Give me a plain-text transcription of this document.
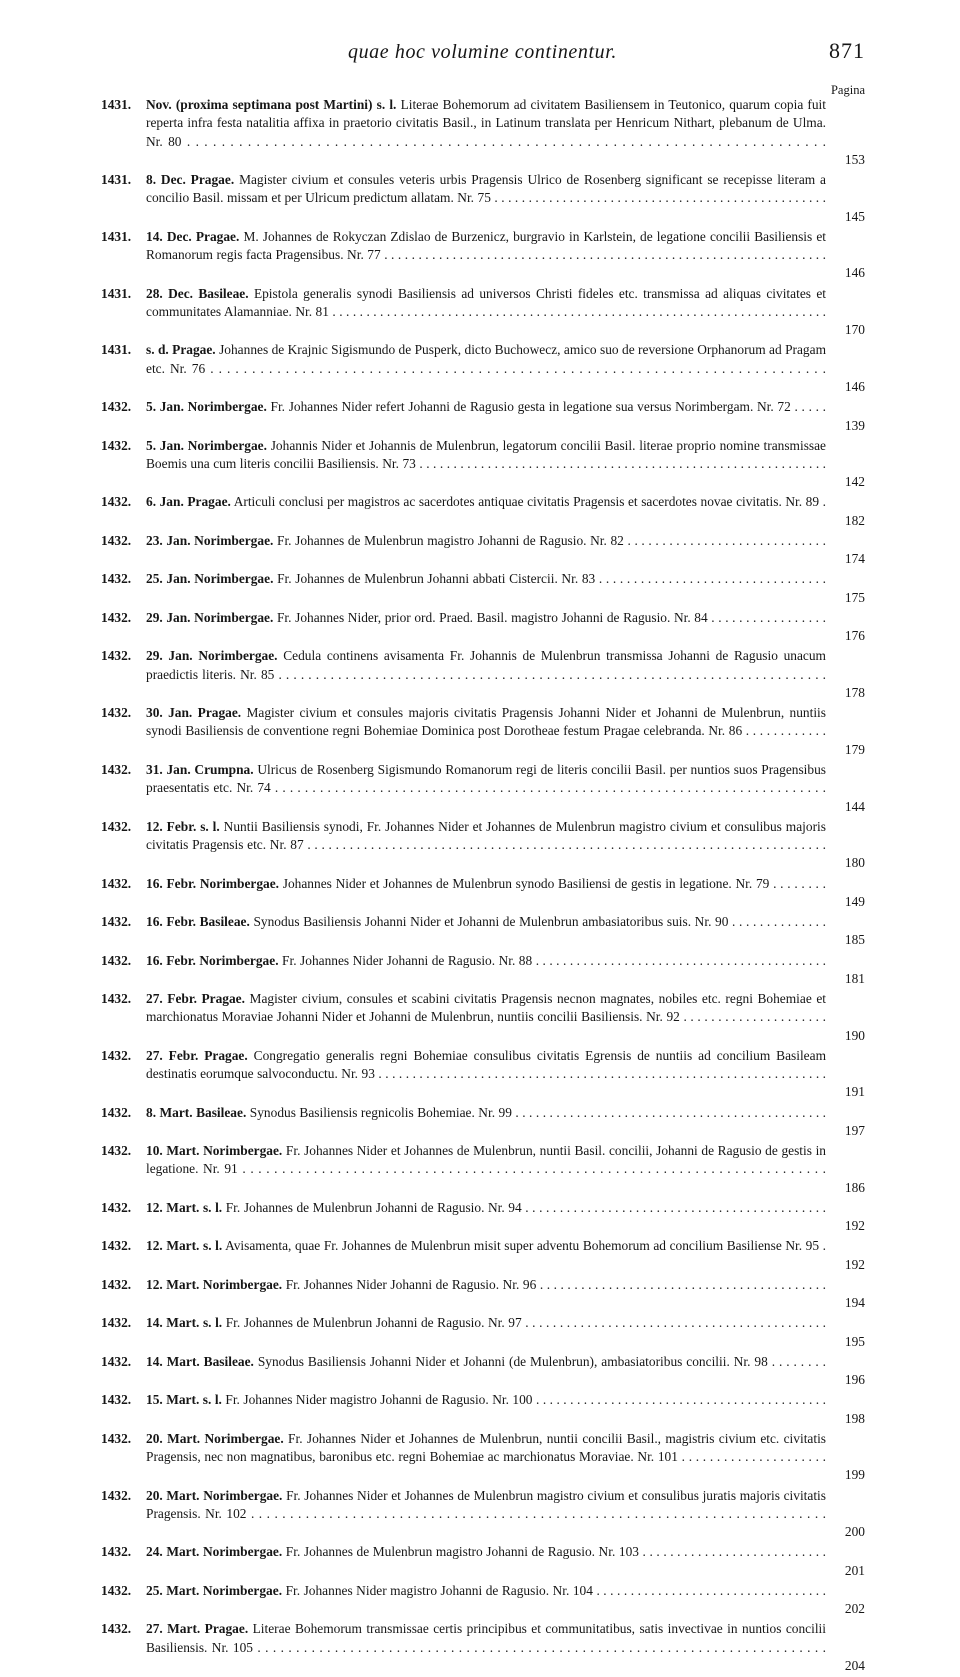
quae hoc volumine continentur.	871
Pagina
1431.	Nov. (proxima septimana post Martini) s. l. Literae Bohemorum ad civitatem Basiliensem in Teutonico, quarum copia fuit reperta infra festa natalitia affixa in praetorio civitatis Basil., in Latinum translata per Henricum Nithart, plebanum de Ulma. Nr. 80 . . . . . . . . . . . . . . . . . . . . . . . . . . . . . . . . . . . . . . . . . . . . . . . . . . . . . . . . . . . . . . . . . . . . . . . . . .
153
1431.	8. Dec. Pragae. Magister civium et consules veteris urbis Pragensis Ulrico de Rosenberg significant se recepisse literam a concilio Basil. missam et per Ulricum predictum allatam. Nr. 75 . . . . . . . . . . . . . . . . . . . . . . . . . . . . . . . . . . . . . . . . . . . . . . . . .
145
1431.	14. Dec. Pragae. M. Johannes de Rokyczan Zdislao de Burzenicz, burgravio in Karlstein, de legatione concilii Basiliensis et Romanorum regis facta Pragensibus. Nr. 77 . . . . . . . . . . . . . . . . . . . . . . . . . . . . . . . . . . . . . . . . . . . . . . . . . . . . . . . . . . . . . . . . .
146
1431.	28. Dec. Basileae. Epistola generalis synodi Basiliensis ad universos Christi fideles etc. transmissa ad aliquas civitates et communitates Alamanniae. Nr. 81 . . . . . . . . . . . . . . . . . . . . . . . . . . . . . . . . . . . . . . . . . . . . . . . . . . . . . . . . . . . . . . . . . . . . . . . . .
170
1431.	s. d. Pragae. Johannes de Krajnic Sigismundo de Pusperk, dicto Buchowecz, amico suo de reversione Orphanorum ad Pragam etc. Nr. 76 . . . . . . . . . . . . . . . . . . . . . . . . . . . . . . . . . . . . . . . . . . . . . . . . . . . . . . . . . . . . . . . . . . . . . . . . . .
146
1432.	5. Jan. Norimbergae. Fr. Johannes Nider refert Johanni de Ragusio gesta in legatione sua versus Norimbergam. Nr. 72 . . . . .
139
1432.	5. Jan. Norimbergae. Johannis Nider et Johannis de Mulenbrun, legatorum concilii Basil. literae proprio nomine transmissae Boemis una cum literis concilii Basiliensis. Nr. 73 . . . . . . . . . . . . . . . . . . . . . . . . . . . . . . . . . . . . . . . . . . . . . . . . . . . . . . . . . . . .
142
1432.	6. Jan. Pragae. Articuli conclusi per magistros ac sacerdotes antiquae civitatis Pragensis et sacerdotes novae civitatis. Nr. 89 .
182
1432.	23. Jan. Norimbergae. Fr. Johannes de Mulenbrun magistro Johanni de Ragusio. Nr. 82 . . . . . . . . . . . . . . . . . . . . . . . . . . . . .
174
1432.	25. Jan. Norimbergae. Fr. Johannes de Mulenbrun Johanni abbati Cistercii. Nr. 83 . . . . . . . . . . . . . . . . . . . . . . . . . . . . . . . . .
175
1432.	29. Jan. Norimbergae. Fr. Johannes Nider, prior ord. Praed. Basil. magistro Johanni de Ragusio. Nr. 84 . . . . . . . . . . . . . . . . .
176
1432.	29. Jan. Norimbergae. Cedula continens avisamenta Fr. Johannis de Mulenbrun transmissa Johanni de Ragusio unacum praedictis literis. Nr. 85 . . . . . . . . . . . . . . . . . . . . . . . . . . . . . . . . . . . . . . . . . . . . . . . . . . . . . . . . . . . . . . . . . . . . . . . . . .
178
1432.	30. Jan. Pragae. Magister civium et consules majoris civitatis Pragensis Johanni Nider et Johanni de Mulenbrun, nuntiis synodi Basiliensis de conventione regni Bohemiae Dominica post Dorotheae festum Pragae celebranda. Nr. 86 . . . . . . . . . . . .
179
1432.	31. Jan. Crumpna. Ulricus de Rosenberg Sigismundo Romanorum regi de literis concilii Basil. per nuntios suos Pragensibus praesentatis etc. Nr. 74 . . . . . . . . . . . . . . . . . . . . . . . . . . . . . . . . . . . . . . . . . . . . . . . . . . . . . . . . . . . . . . . . . . . . . . . . . .
144
1432.	12. Febr. s. l. Nuntii Basiliensis synodi, Fr. Johannes Nider et Johannes de Mulenbrun magistro civium et consulibus majoris civitatis Pragensis etc. Nr. 87 . . . . . . . . . . . . . . . . . . . . . . . . . . . . . . . . . . . . . . . . . . . . . . . . . . . . . . . . . . . . . . . . . . . . . . . . . .
180
1432.	16. Febr. Norimbergae. Johannes Nider et Johannes de Mulenbrun synodo Basiliensi de gestis in legatione. Nr. 79 . . . . . . . .
149
1432.	16. Febr. Basileae. Synodus Basiliensis Johanni Nider et Johanni de Mulenbrun ambasiatoribus suis. Nr. 90 . . . . . . . . . . . . . .
185
1432.	16. Febr. Norimbergae. Fr. Johannes Nider Johanni de Ragusio. Nr. 88 . . . . . . . . . . . . . . . . . . . . . . . . . . . . . . . . . . . . . . . . . . .
181
1432.	27. Febr. Pragae. Magister civium, consules et scabini civitatis Pragensis necnon magnates, nobiles etc. regni Bohemiae et marchionatus Moraviae Johanni Nider et Johanni de Mulenbrun, nuntiis concilii Basiliensis. Nr. 92 . . . . . . . . . . . . . . . . . . . . .
190
1432.	27. Febr. Pragae. Congregatio generalis regni Bohemiae consulibus civitatis Egrensis de nuntiis ad concilium Basileam destinatis eorumque salvoconductu. Nr. 93 . . . . . . . . . . . . . . . . . . . . . . . . . . . . . . . . . . . . . . . . . . . . . . . . . . . . . . . . . . . . . . . . . .
191
1432.	8. Mart. Basileae. Synodus Basiliensis regnicolis Bohemiae. Nr. 99 . . . . . . . . . . . . . . . . . . . . . . . . . . . . . . . . . . . . . . . . . . . . . .
197
1432.	10. Mart. Norimbergae. Fr. Johannes Nider et Johannes de Mulenbrun, nuntii Basil. concilii, Johanni de Ragusio de gestis in legatione. Nr. 91 . . . . . . . . . . . . . . . . . . . . . . . . . . . . . . . . . . . . . . . . . . . . . . . . . . . . . . . . . . . . . . . . . . . . . . . . . .
186
1432.	12. Mart. s. l. Fr. Johannes de Mulenbrun Johanni de Ragusio. Nr. 94 . . . . . . . . . . . . . . . . . . . . . . . . . . . . . . . . . . . . . . . . . . . .
192
1432.	12. Mart. s. l. Avisamenta, quae Fr. Johannes de Mulenbrun misit super adventu Bohemorum ad concilium Basiliense Nr. 95 .
192
1432.	12. Mart. Norimbergae. Fr. Johannes Nider Johanni de Ragusio. Nr. 96 . . . . . . . . . . . . . . . . . . . . . . . . . . . . . . . . . . . . . . . . . .
194
1432.	14. Mart. s. l. Fr. Johannes de Mulenbrun Johanni de Ragusio. Nr. 97 . . . . . . . . . . . . . . . . . . . . . . . . . . . . . . . . . . . . . . . . . . . .
195
1432.	14. Mart. Basileae. Synodus Basiliensis Johanni Nider et Johanni (de Mulenbrun), ambasiatoribus concilii. Nr. 98 . . . . . . . .
196
1432.	15. Mart. s. l. Fr. Johannes Nider magistro Johanni de Ragusio. Nr. 100 . . . . . . . . . . . . . . . . . . . . . . . . . . . . . . . . . . . . . . . . . . .
198
1432.	20. Mart. Norimbergae. Fr. Johannes Nider et Johannes de Mulenbrun, nuntii concilii Basil., magistris civium etc. civitatis Pragensis, nec non magnatibus, baronibus etc. regni Bohemiae ac marchionatus Moraviae. Nr. 101 . . . . . . . . . . . . . . . . . . . . .
199
1432.	20. Mart. Norimbergae. Fr. Johannes Nider et Johannes de Mulenbrun magistro civium et consulibus juratis majoris civitatis Pragensis. Nr. 102 . . . . . . . . . . . . . . . . . . . . . . . . . . . . . . . . . . . . . . . . . . . . . . . . . . . . . . . . . . . . . . . . . . . . . . . . . .
200
1432.	24. Mart. Norimbergae. Fr. Johannes de Mulenbrun magistro Johanni de Ragusio. Nr. 103 . . . . . . . . . . . . . . . . . . . . . . . . . . .
201
1432.	25. Mart. Norimbergae. Fr. Johannes Nider magistro Johanni de Ragusio. Nr. 104 . . . . . . . . . . . . . . . . . . . . . . . . . . . . . . . . . .
202
1432.	27. Mart. Pragae. Literae Bohemorum transmissae certis principibus et communitatibus, satis invectivae in nuntios concilii Basiliensis. Nr. 105 . . . . . . . . . . . . . . . . . . . . . . . . . . . . . . . . . . . . . . . . . . . . . . . . . . . . . . . . . . . . . . . . . . . . . . . . . .
204
